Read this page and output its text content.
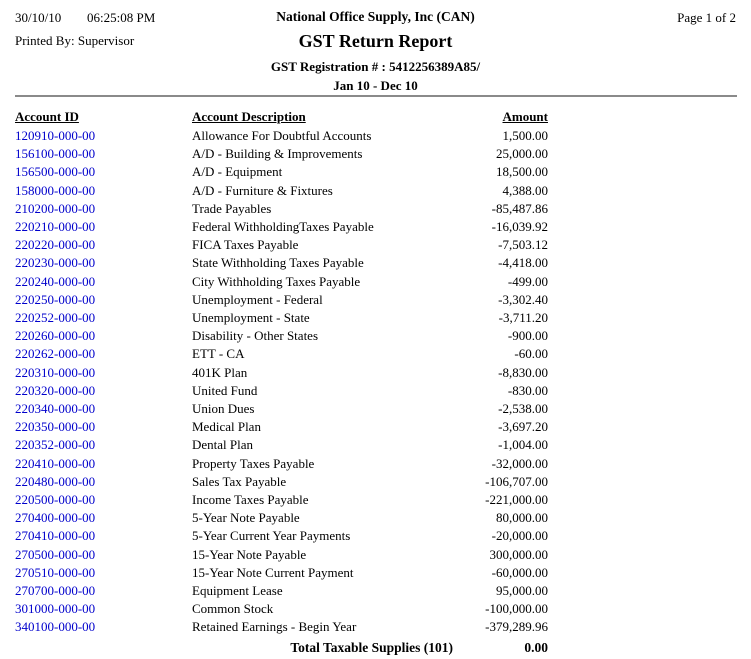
30/10/10 06:25:08 PM	National Office Supply, Inc (CAN)	Page 1 of 2
Printed By: Supervisor	GST Return Report
GST Registration # : 5412256389A85/
Jan 10 - Dec 10
Account ID	Account Description	Amount
120910-000-00	Allowance For Doubtful Accounts	1,500.00
156100-000-00	A/D - Building & Improvements	25,000.00
156500-000-00	A/D - Equipment	18,500.00
158000-000-00	A/D - Furniture & Fixtures	4,388.00
210200-000-00	Trade Payables	-85,487.86
220210-000-00	Federal WithholdingTaxes Payable	-16,039.92
220220-000-00	FICA Taxes Payable	-7,503.12
220230-000-00	State Withholding Taxes Payable	-4,418.00
220240-000-00	City Withholding Taxes Payable	-499.00
220250-000-00	Unemployment - Federal	-3,302.40
220252-000-00	Unemployment - State	-3,711.20
220260-000-00	Disability - Other States	-900.00
220262-000-00	ETT - CA	-60.00
220310-000-00	401K Plan	-8,830.00
220320-000-00	United Fund	-830.00
220340-000-00	Union Dues	-2,538.00
220350-000-00	Medical Plan	-3,697.20
220352-000-00	Dental Plan	-1,004.00
220410-000-00	Property Taxes Payable	-32,000.00
220480-000-00	Sales Tax Payable	-106,707.00
220500-000-00	Income Taxes Payable	-221,000.00
270400-000-00	5-Year Note Payable	80,000.00
270410-000-00	5-Year Current Year Payments	-20,000.00
270500-000-00	15-Year Note Payable	300,000.00
270510-000-00	15-Year Note Current Payment	-60,000.00
270700-000-00	Equipment Lease	95,000.00
301000-000-00	Common Stock	-100,000.00
340100-000-00	Retained Earnings - Begin Year	-379,289.96
Total Taxable Supplies (101)		0.00
